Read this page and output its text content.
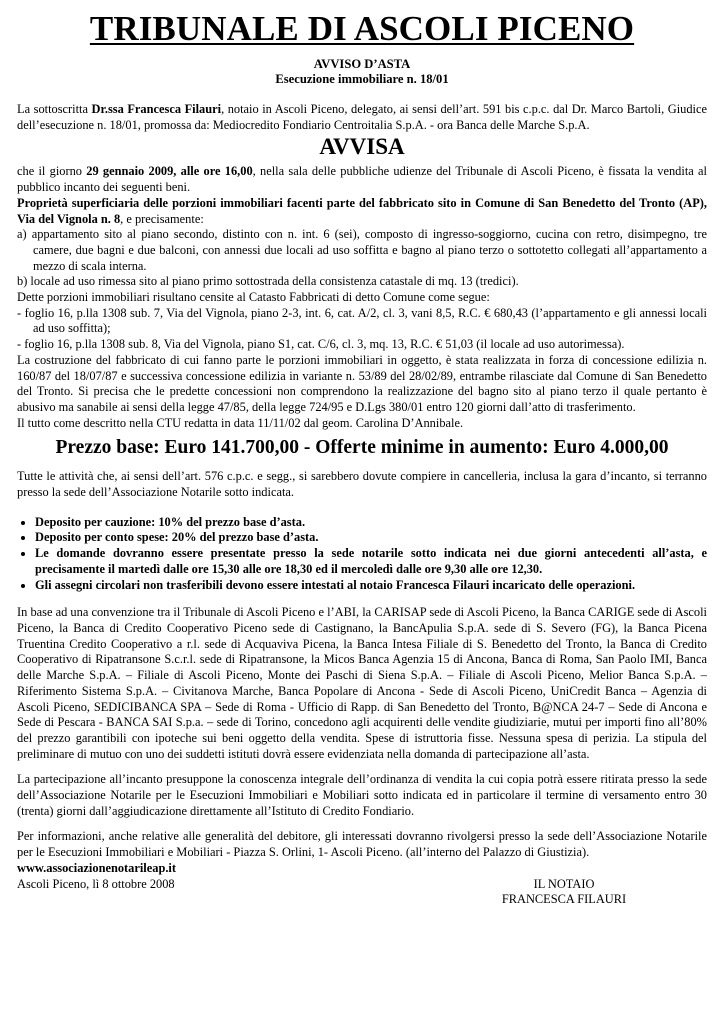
TRIBUNALE DI ASCOLI PICENO
AVVISO D’ASTA
Esecuzione immobiliare n. 18/01

La sottoscritta Dr.ssa Francesca Filauri, notaio in Ascoli Piceno, delegato, ai sensi dell’art. 591 bis c.p.c. dal Dr. Marco Bartoli, Giudice dell’esecuzione n. 18/01, promossa da: Mediocredito Fondiario Centroitalia S.p.A. - ora Banca delle Marche S.p.A.

AVVISA

che il giorno 29 gennaio 2009, alle ore 16,00, nella sala delle pubbliche udienze del Tribunale di Ascoli Piceno, è fissata la vendita al pubblico incanto dei seguenti beni.

Proprietà superficiaria delle porzioni immobiliari facenti parte del fabbricato sito in Comune di San Benedetto del Tronto (AP), Via del Vignola n. 8, e precisamente:

a) appartamento sito al piano secondo, distinto con n. int. 6 (sei), composto di ingresso-soggiorno, cucina con retro, disimpegno, tre camere, due bagni e due balconi, con annessi due locali ad uso soffitta e bagno al piano terzo o sottotetto collegati all’appartamento a mezzo di scala interna.
b) locale ad uso rimessa sito al piano primo sottostrada della consistenza catastale di mq. 13 (tredici).

Dette porzioni immobiliari risultano censite al Catasto Fabbricati di detto Comune come segue:

- foglio 16, p.lla 1308 sub. 7, Via del Vignola, piano 2-3, int. 6, cat. A/2, cl. 3, vani 8,5, R.C. € 680,43 (l’appartamento e gli annessi locali ad uso soffitta);
- foglio 16, p.lla 1308 sub. 8, Via del Vignola, piano S1, cat. C/6, cl. 3, mq. 13, R.C. € 51,03 (il locale ad uso autorimessa).

La costruzione del fabbricato di cui fanno parte le porzioni immobiliari in oggetto, è stata realizzata in forza di concessione edilizia n. 160/87 del 18/07/87 e successiva concessione edilizia in variante n. 53/89 del 28/02/89, entrambe rilasciate dal Comune di San Benedetto del Tronto. Si precisa che le predette concessioni non comprendono la realizzazione del bagno sito al piano terzo il quale pertanto è abusivo ma sanabile ai sensi della legge 47/85, della legge 724/95 e D.Lgs 380/01 entro 120 giorni dall’atto di trasferimento.

Il tutto come descritto nella CTU redatta in data 11/11/02 dal geom. Carolina D’Annibale.

Prezzo base: Euro 141.700,00 - Offerte minime in aumento: Euro 4.000,00

Tutte le attività che, ai sensi dell’art. 576 c.p.c. e segg., si sarebbero dovute compiere in cancelleria, inclusa la gara d’incanto, si terranno presso la sede dell’Associazione Notarile sotto indicata.

• Deposito per cauzione: 10% del prezzo base d’asta.
• Deposito per conto spese: 20% del prezzo base d’asta.
• Le domande dovranno essere presentate presso la sede notarile sotto indicata nei due giorni antecedenti all’asta, e precisamente il martedì dalle ore 15,30 alle ore 18,30 ed il mercoledì dalle ore 9,30 alle ore 12,30.
• Gli assegni circolari non trasferibili devono essere intestati al notaio Francesca Filauri incaricato delle operazioni.

In base ad una convenzione tra il Tribunale di Ascoli Piceno e l’ABI, la CARISAP sede di Ascoli Piceno, la Banca CARIGE sede di Ascoli Piceno, la Banca di Credito Cooperativo Piceno sede di Castignano, la BancApulia S.p.A. sede di S. Severo (FG), la Banca Picena Truentina Credito Cooperativo a r.l. sede di Acquaviva Picena, la Banca Intesa Filiale di S. Benedetto del Tronto, la Banca di Credito Cooperativo di Ripatransone S.c.r.l. sede di Ripatransone, la Micos Banca Agenzia 15 di Ancona, Banca di Roma, San Paolo IMI, Banca delle Marche S.p.A. – Filiale di Ascoli Piceno, Monte dei Paschi di Siena S.p.A. – Filiale di Ascoli Piceno, Melior Banca S.p.A. – Riferimento Sistema S.p.A. – Civitanova Marche, Banca Popolare di Ancona - Sede di Ascoli Piceno, UniCredit Banca – Agenzia di Ascoli Piceno, SEDICIBANCA SPA – Sede di Roma - Ufficio di Rapp. di San Benedetto del Tronto, B@NCA 24-7 – Sede di Ancona e Sede di Pescara - BANCA SAI S.p.a. – sede di Torino, concedono agli acquirenti delle vendite giudiziarie, mutui per importi fino all’80% del prezzo garantibili con ipoteche sui beni oggetto della vendita. Spese di istruttoria fisse. Nessuna spesa di perizia. La stipula del preliminare di mutuo con uno dei suddetti istituti dovrà essere evidenziata nella domanda di partecipazione all’asta.

La partecipazione all’incanto presuppone la conoscenza integrale dell’ordinanza di vendita la cui copia potrà essere ritirata presso la sede dell’Associazione Notarile per le Esecuzioni Immobiliari e Mobiliari sotto indicata ed in particolare il termine di versamento entro 30 (trenta) giorni dall’aggiudicazione direttamente all’Istituto di Credito Fondiario.

Per informazioni, anche relative alle generalità del debitore, gli interessati dovranno rivolgersi presso la sede dell’Associazione Notarile per le Esecuzioni Immobiliari e Mobiliari - Piazza S. Orlini, 1- Ascoli Piceno. (all’interno del Palazzo di Giustizia).

www.associazionenotarileap.it
Ascoli Piceno, lì 8 ottobre 2008	IL NOTAIO
FRANCESCA FILAURI
